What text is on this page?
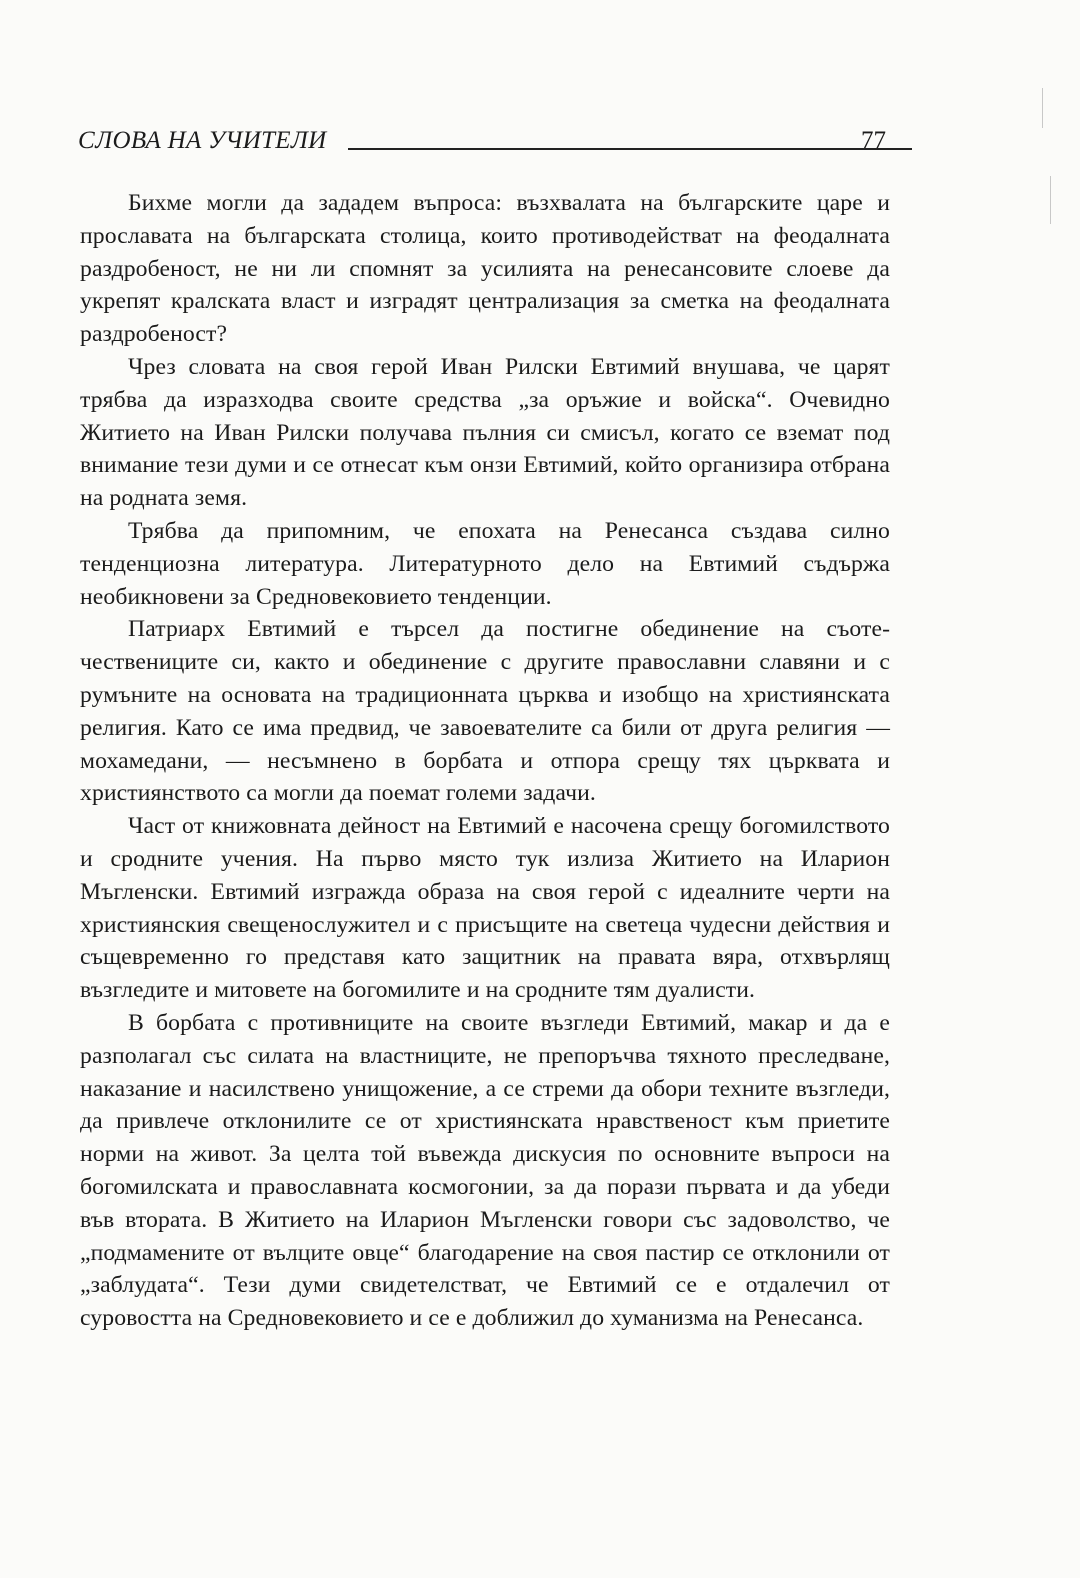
СЛОВА НА УЧИТЕЛИ	77

Бихме могли да зададем въпроса: възхвалата на българските царе и прославата на българската столица, които противодействат на феодалната раздробеност, не ни ли спомнят за усилията на ренесансовите слоеве да укрепят кралската власт и изградят централизация за сметка на феодалната раздробеност?

Чрез словата на своя герой Иван Рилски Евтимий внушава, че царят трябва да изразходва своите средства „за оръжие и войска“. Очевидно Житието на Иван Рилски получава пълния си смисъл, когато се вземат под внимание тези думи и се отнесат към онзи Евтимий, който организира отбрана на родната земя.

Трябва да припомним, че епохата на Ренесанса създава силно тенденциозна литература. Литературното дело на Евтимий съдържа необикновени за Средновековието тенденции.

Патриарх Евтимий е търсел да постигне обединение на съотечествениците си, както и обединение с другите православни славяни и с румъните на основата на традиционната църква и изобщо на християнската религия. Като се има предвид, че завоевателите са били от друга религия — мохамедани, — несъмнено в борбата и отпора срещу тях църквата и християнството са могли да поемат големи задачи.

Част от книжовната дейност на Евтимий е насочена срещу богомилството и сродните учения. На първо място тук излиза Житието на Иларион Мъгленски. Евтимий изгражда образа на своя герой с идеалните черти на християнския свещенослужител и с присъщите на светеца чудесни действия и същевременно го представя като защитник на правата вяра, отхвърлящ възгледите и митовете на богомилите и на сродните тям дуалисти.

В борбата с противниците на своите възгледи Евтимий, макар и да е разполагал със силата на властниците, не препоръчва тяхното преследване, наказание и насилствено унищожение, а се стреми да обори техните възгледи, да привлече отклонилите се от християнската нравственост към приетите норми на живот. За целта той въвежда дискусия по основните въпроси на богомилската и православната космогонии, за да порази първата и да убеди във втората. В Житието на Иларион Мъгленски говори със задоволство, че „подмамените от вълците овце“ благодарение на своя пастир се отклонили от „заблудата“. Тези думи свидетелстват, че Евтимий се е отдалечил от суровостта на Средновековието и се е доближил до хуманизма на Ренесанса.
